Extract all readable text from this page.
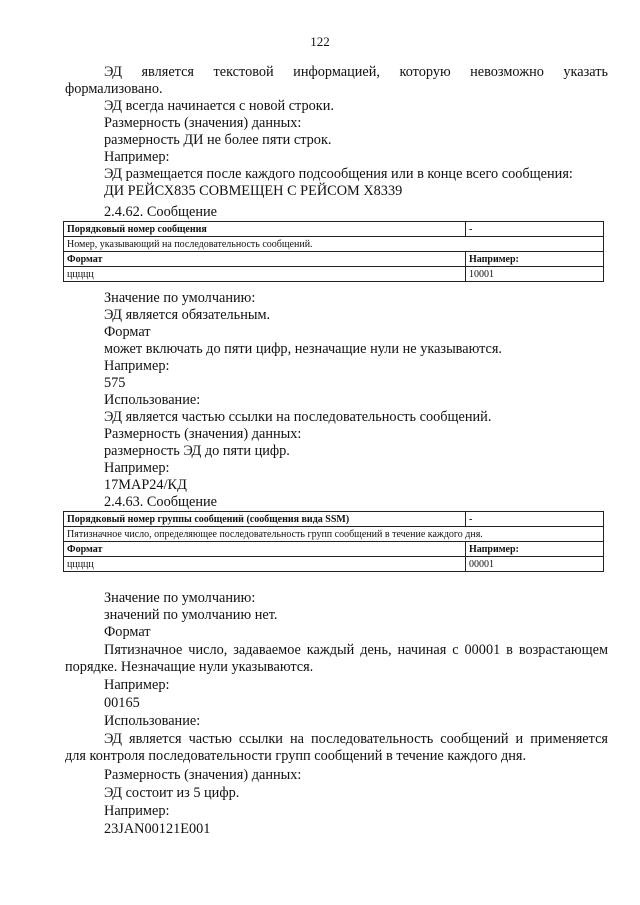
122
ЭД является текстовой информацией, которую невозможно указать
формализовано.
ЭД всегда начинается с новой строки.
Размерность (значения) данных:
размерность ДИ не более пяти строк.
Например:
ЭД размещается после каждого подсообщения или в конце всего сообщения:
ДИ РЕЙСХ835 СОВМЕЩЕН С РЕЙСОМ Х8339
2.4.62. Сообщение
Порядковый номер сообщения	-
Номер, указывающий на последовательность сообщений.	
Формат	Например:
ццццц	10001
Значение по умолчанию:
ЭД является обязательным.
Формат
может включать до пяти цифр, незначащие нули не указываются.
Например:
575
Использование:
ЭД является частью ссылки на последовательность сообщений.
Размерность (значения) данных:
размерность ЭД до пяти цифр.
Например:
17МАР24/КД
2.4.63. Сообщение
Порядковый номер группы сообщений (сообщения вида SSM)	-
Пятизначное число, определяющее последовательность групп сообщений в течение каждого дня.	
Формат	Например:
ццццц	00001
Значение по умолчанию:
значений по умолчанию нет.
Формат
Пятизначное число, задаваемое каждый день, начиная с 00001 в возрастающем
порядке. Незначащие нули указываются.
Например:
00165
Использование:
ЭД является частью ссылки на последовательность сообщений и применяется
для контроля последовательности групп сообщений в течение каждого дня.
Размерность (значения) данных:
ЭД состоит из 5 цифр.
Например:
23JAN00121E001
